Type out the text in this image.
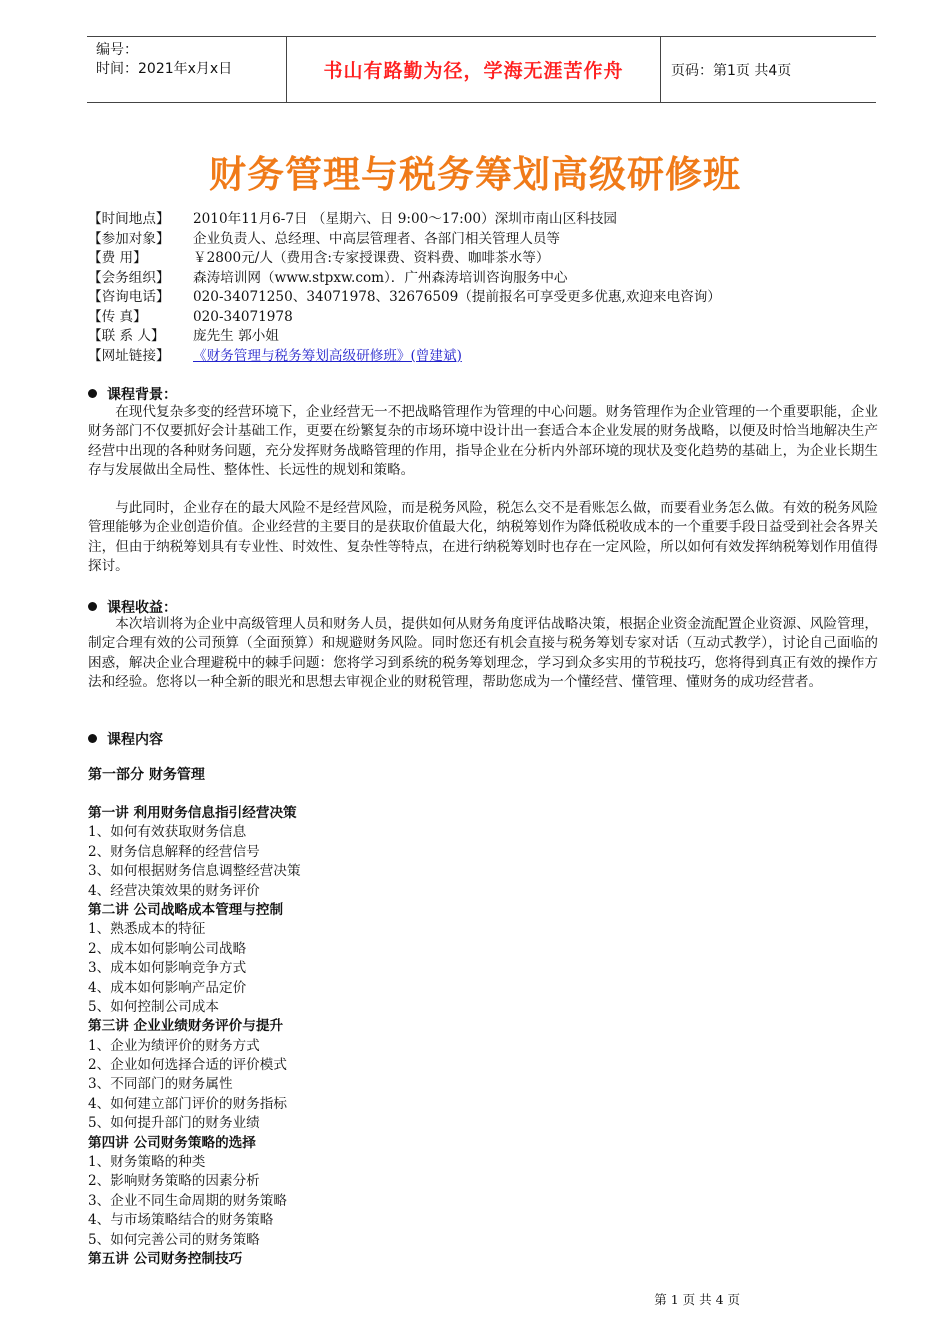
编号：
时间：2021年x月x日	书山有路勤为径，学海无涯苦作舟	页码：第1页 共4页
财务管理与税务筹划高级研修班
【时间地点】	2010年11月6-7日 （星期六、日 9:00～17:00）深圳市南山区科技园
【参加对象】	企业负责人、总经理、中高层管理者、各部门相关管理人员等
【费 用】	￥2800元/人（费用含:专家授课费、资料费、咖啡茶水等）
【会务组织】	森涛培训网（www.stpxw.com）．广州森涛培训咨询服务中心
【咨询电话】	020-34071250、34071978、32676509（提前报名可享受更多优惠,欢迎来电咨询）
【传 真】	020-34071978
【联 系 人】	庞先生 郭小姐
【网址链接】	《财务管理与税务筹划高级研修班》(曾建斌)
课程背景：
在现代复杂多变的经营环境下，企业经营无一不把战略管理作为管理的中心问题。财务管理作为企业管理的一个重要职能，企业财务部门不仅要抓好会计基础工作，更要在纷繁复杂的市场环境中设计出一套适合本企业发展的财务战略，以便及时恰当地解决生产经营中出现的各种财务问题，充分发挥财务战略管理的作用，指导企业在分析内外部环境的现状及变化趋势的基础上，为企业长期生存与发展做出全局性、整体性、长远性的规划和策略。
与此同时，企业存在的最大风险不是经营风险，而是税务风险，税怎么交不是看账怎么做，而要看业务怎么做。有效的税务风险管理能够为企业创造价值。企业经营的主要目的是获取价值最大化，纳税筹划作为降低税收成本的一个重要手段日益受到社会各界关注，但由于纳税筹划具有专业性、时效性、复杂性等特点，在进行纳税筹划时也存在一定风险，所以如何有效发挥纳税筹划作用值得探讨。
课程收益：
本次培训将为企业中高级管理人员和财务人员，提供如何从财务角度评估战略决策，根据企业资金流配置企业资源、风险管理，制定合理有效的公司预算（全面预算）和规避财务风险。同时您还有机会直接与税务筹划专家对话（互动式教学），讨论自己面临的困惑，解决企业合理避税中的棘手问题：您将学习到系统的税务筹划理念，学习到众多实用的节税技巧，您将得到真正有效的操作方法和经验。您将以一种全新的眼光和思想去审视企业的财税管理，帮助您成为一个懂经营、懂管理、懂财务的成功经营者。
课程内容
第一部分 财务管理
第一讲 利用财务信息指引经营决策
1、如何有效获取财务信息
2、财务信息解释的经营信号
3、如何根据财务信息调整经营决策
4、经营决策效果的财务评价
第二讲 公司战略成本管理与控制
1、熟悉成本的特征
2、成本如何影响公司战略
3、成本如何影响竞争方式
4、成本如何影响产品定价
5、如何控制公司成本
第三讲 企业业绩财务评价与提升
1、企业为绩评价的财务方式
2、企业如何选择合适的评价模式
3、不同部门的财务属性
4、如何建立部门评价的财务指标
5、如何提升部门的财务业绩
第四讲 公司财务策略的选择
1、财务策略的种类
2、影响财务策略的因素分析
3、企业不同生命周期的财务策略
4、与市场策略结合的财务策略
5、如何完善公司的财务策略
第五讲 公司财务控制技巧
第 1 页 共 4 页
